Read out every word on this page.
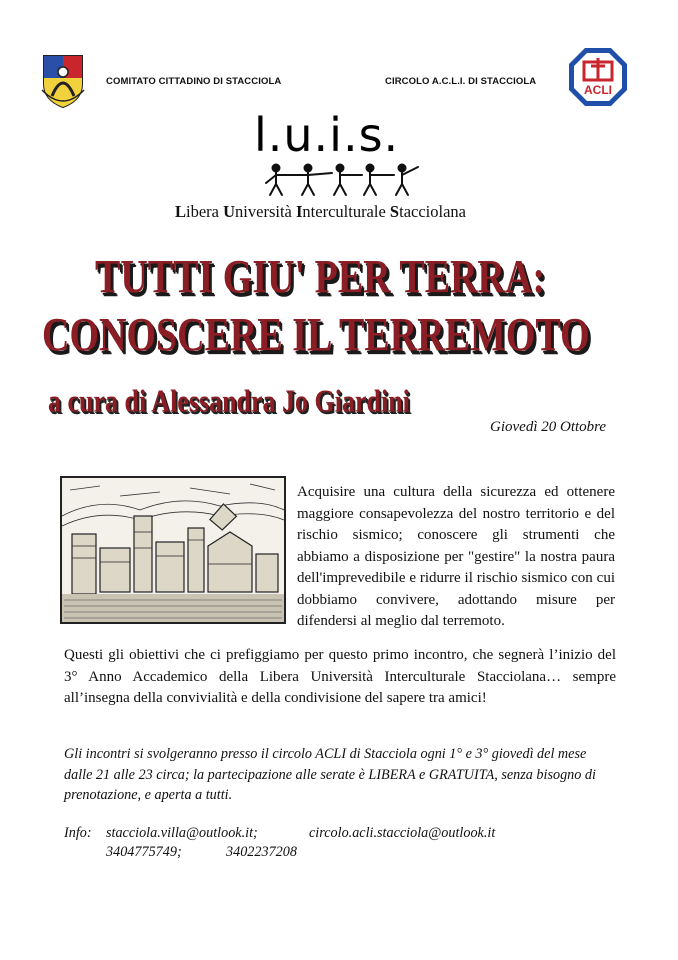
COMITATO CITTADINO DI STACCIOLA	CIRCOLO A.C.L.I. DI STACCIOLA
ACLI
l.u.i.s.
Libera Università Interculturale Stacciolana
TUTTI GIU' PER TERRA:
CONOSCERE IL TERREMOTO
a cura di Alessandra Jo Giardini
Giovedì 20 Ottobre
Acquisire una cultura della sicurezza ed ottenere maggiore consapevolezza del nostro territorio e del rischio sismico; conoscere gli strumenti che abbiamo a disposizione per "gestire" la nostra paura dell'imprevedibile e ridurre il rischio sismico con cui dobbiamo convivere, adottando misure per difendersi al meglio dal terremoto.
Questi gli obiettivi che ci prefiggiamo per questo primo incontro, che segnerà l’inizio del 3° Anno Accademico della Libera Università Interculturale Stacciolana… sempre all’insegna della convivialità e della condivisione del sapere tra amici!
Gli incontri si svolgeranno presso il circolo ACLI di Stacciola ogni 1° e 3° giovedì del mese dalle 21 alle 23 circa; la partecipazione alle serate è LIBERA e GRATUITA, senza bisogno di prenotazione, e aperta a tutti.
Info: stacciola.villa@outlook.it;	circolo.acli.stacciola@outlook.it
3404775749;	3402237208
